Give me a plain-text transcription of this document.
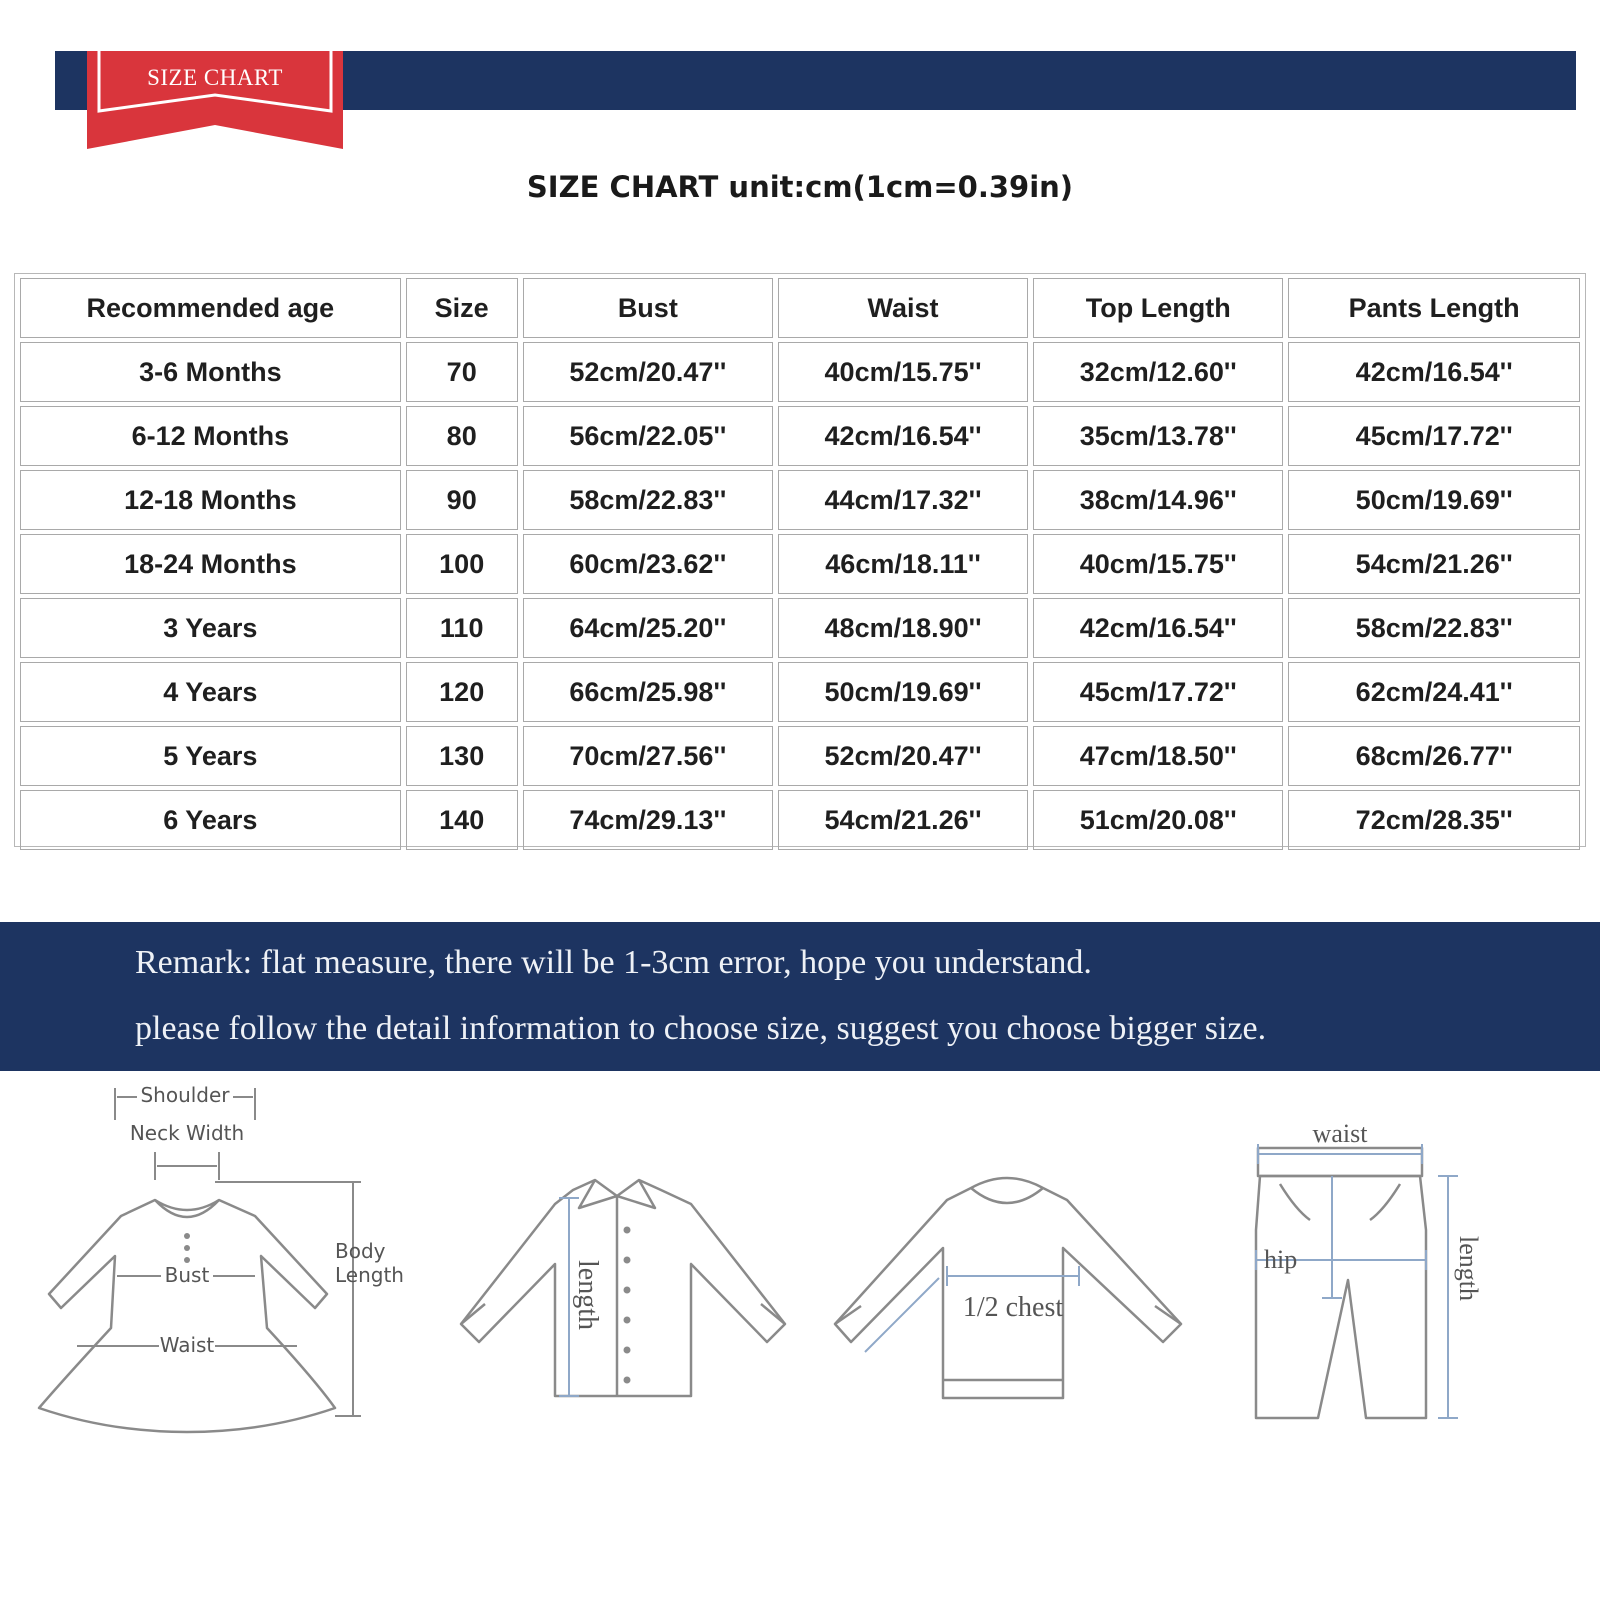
SIZE CHART
SIZE CHART unit:cm(1cm=0.39in)
Recommended age	Size	Bust	Waist	Top Length	Pants Length
3-6 Months	70	52cm/20.47''	40cm/15.75''	32cm/12.60''	42cm/16.54''
6-12 Months	80	56cm/22.05''	42cm/16.54''	35cm/13.78''	45cm/17.72''
12-18 Months	90	58cm/22.83''	44cm/17.32''	38cm/14.96''	50cm/19.69''
18-24 Months	100	60cm/23.62''	46cm/18.11''	40cm/15.75''	54cm/21.26''
3 Years	110	64cm/25.20''	48cm/18.90''	42cm/16.54''	58cm/22.83''
4 Years	120	66cm/25.98''	50cm/19.69''	45cm/17.72''	62cm/24.41''
5 Years	130	70cm/27.56''	52cm/20.47''	47cm/18.50''	68cm/26.77''
6 Years	140	74cm/29.13''	54cm/21.26''	51cm/20.08''	72cm/28.35''
Remark: flat measure, there will be 1-3cm error, hope you understand.
please follow the detail information to choose size, suggest you choose bigger size.
Shoulder
Neck Width
Bust
Waist
Body
Length	length	1/2 chest
waist
hip	length
